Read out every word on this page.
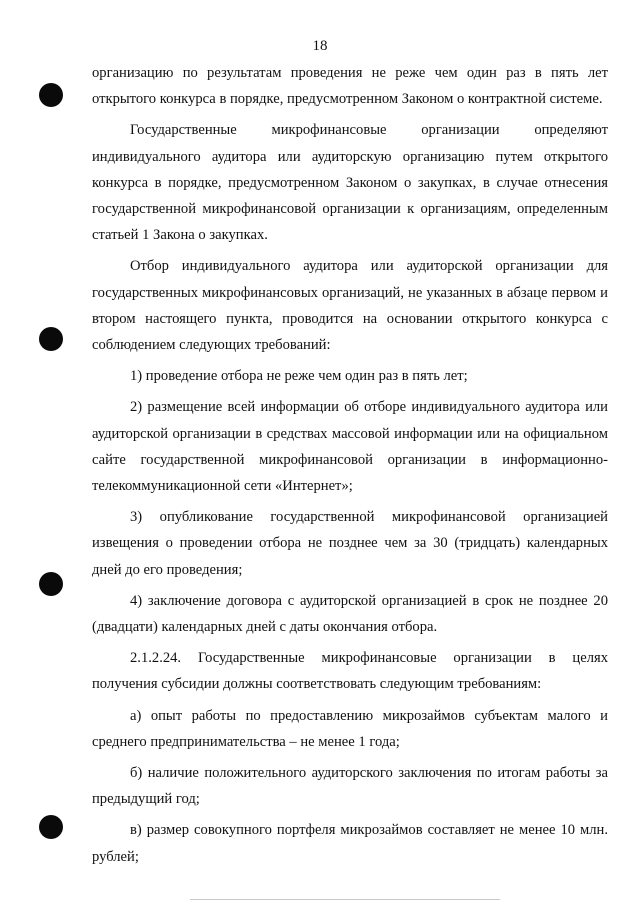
18

организацию по результатам проведения не реже чем один раз в пять лет открытого конкурса в порядке, предусмотренном Законом о контрактной системе.

Государственные микрофинансовые организации определяют индивидуального аудитора или аудиторскую организацию путем открытого конкурса в порядке, предусмотренном Законом о закупках, в случае отнесения государственной микрофинансовой организации к организациям, определенным статьей 1 Закона о закупках.

Отбор индивидуального аудитора или аудиторской организации для государственных микрофинансовых организаций, не указанных в абзаце первом и втором настоящего пункта, проводится на основании открытого конкурса с соблюдением следующих требований:

1) проведение отбора не реже чем один раз в пять лет;

2) размещение всей информации об отборе индивидуального аудитора или аудиторской организации в средствах массовой информации или на официальном сайте государственной микрофинансовой организации в информационно-телекоммуникационной сети «Интернет»;

3) опубликование государственной микрофинансовой организацией извещения о проведении отбора не позднее чем за 30 (тридцать) календарных дней до его проведения;

4) заключение договора с аудиторской организацией в срок не позднее 20 (двадцати) календарных дней с даты окончания отбора.

2.1.2.24. Государственные микрофинансовые организации в целях получения субсидии должны соответствовать следующим требованиям:

а) опыт работы по предоставлению микрозаймов субъектам малого и среднего предпринимательства – не менее 1 года;

б) наличие положительного аудиторского заключения по итогам работы за предыдущий год;

в) размер совокупного портфеля микрозаймов составляет не менее 10 млн. рублей;
